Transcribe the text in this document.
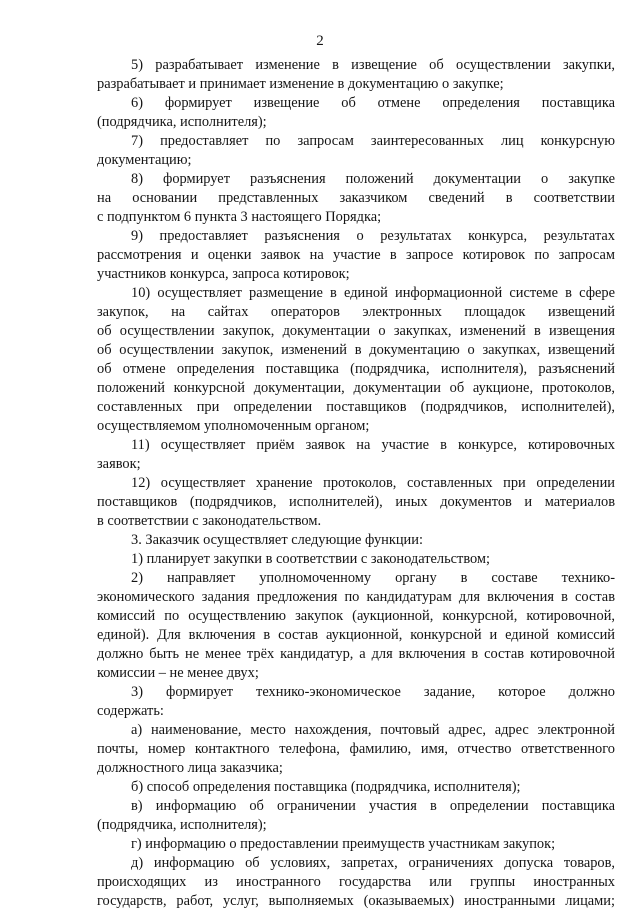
2
5) разрабатывает изменение в извещение об осуществлении закупки,
разрабатывает и принимает изменение в документацию о закупке;
6) формирует извещение об отмене определения поставщика
(подрядчика, исполнителя);
7) предоставляет по запросам заинтересованных лиц конкурсную
документацию;
8) формирует разъяснения положений документации о закупке
на основании представленных заказчиком сведений в соответствии
с подпунктом 6 пункта 3 настоящего Порядка;
9) предоставляет разъяснения о результатах конкурса, результатах
рассмотрения и оценки заявок на участие в запросе котировок по запросам
участников конкурса, запроса котировок;
10) осуществляет размещение в единой информационной системе в сфере
закупок, на сайтах операторов электронных площадок извещений
об осуществлении закупок, документации о закупках, изменений в извещения
об осуществлении закупок, изменений в документацию о закупках, извещений
об отмене определения поставщика (подрядчика, исполнителя), разъяснений
положений конкурсной документации, документации об аукционе, протоколов,
составленных при определении поставщиков (подрядчиков, исполнителей),
осуществляемом уполномоченным органом;
11) осуществляет приём заявок на участие в конкурсе, котировочных
заявок;
12) осуществляет хранение протоколов, составленных при определении
поставщиков (подрядчиков, исполнителей), иных документов и материалов
в соответствии с законодательством.
3. Заказчик осуществляет следующие функции:
1) планирует закупки в соответствии с законодательством;
2) направляет уполномоченному органу в составе технико-
экономического задания предложения по кандидатурам для включения в состав
комиссий по осуществлению закупок (аукционной, конкурсной, котировочной,
единой). Для включения в состав аукционной, конкурсной и единой комиссий
должно быть не менее трёх кандидатур, а для включения в состав котировочной
комиссии – не менее двух;
3) формирует технико-экономическое задание, которое должно
содержать:
а) наименование, место нахождения, почтовый адрес, адрес электронной
почты, номер контактного телефона, фамилию, имя, отчество ответственного
должностного лица заказчика;
б) способ определения поставщика (подрядчика, исполнителя);
в) информацию об ограничении участия в определении поставщика
(подрядчика, исполнителя);
г) информацию о предоставлении преимуществ участникам закупок;
д) информацию об условиях, запретах, ограничениях допуска товаров,
происходящих из иностранного государства или группы иностранных
государств, работ, услуг, выполняемых (оказываемых) иностранными лицами;
